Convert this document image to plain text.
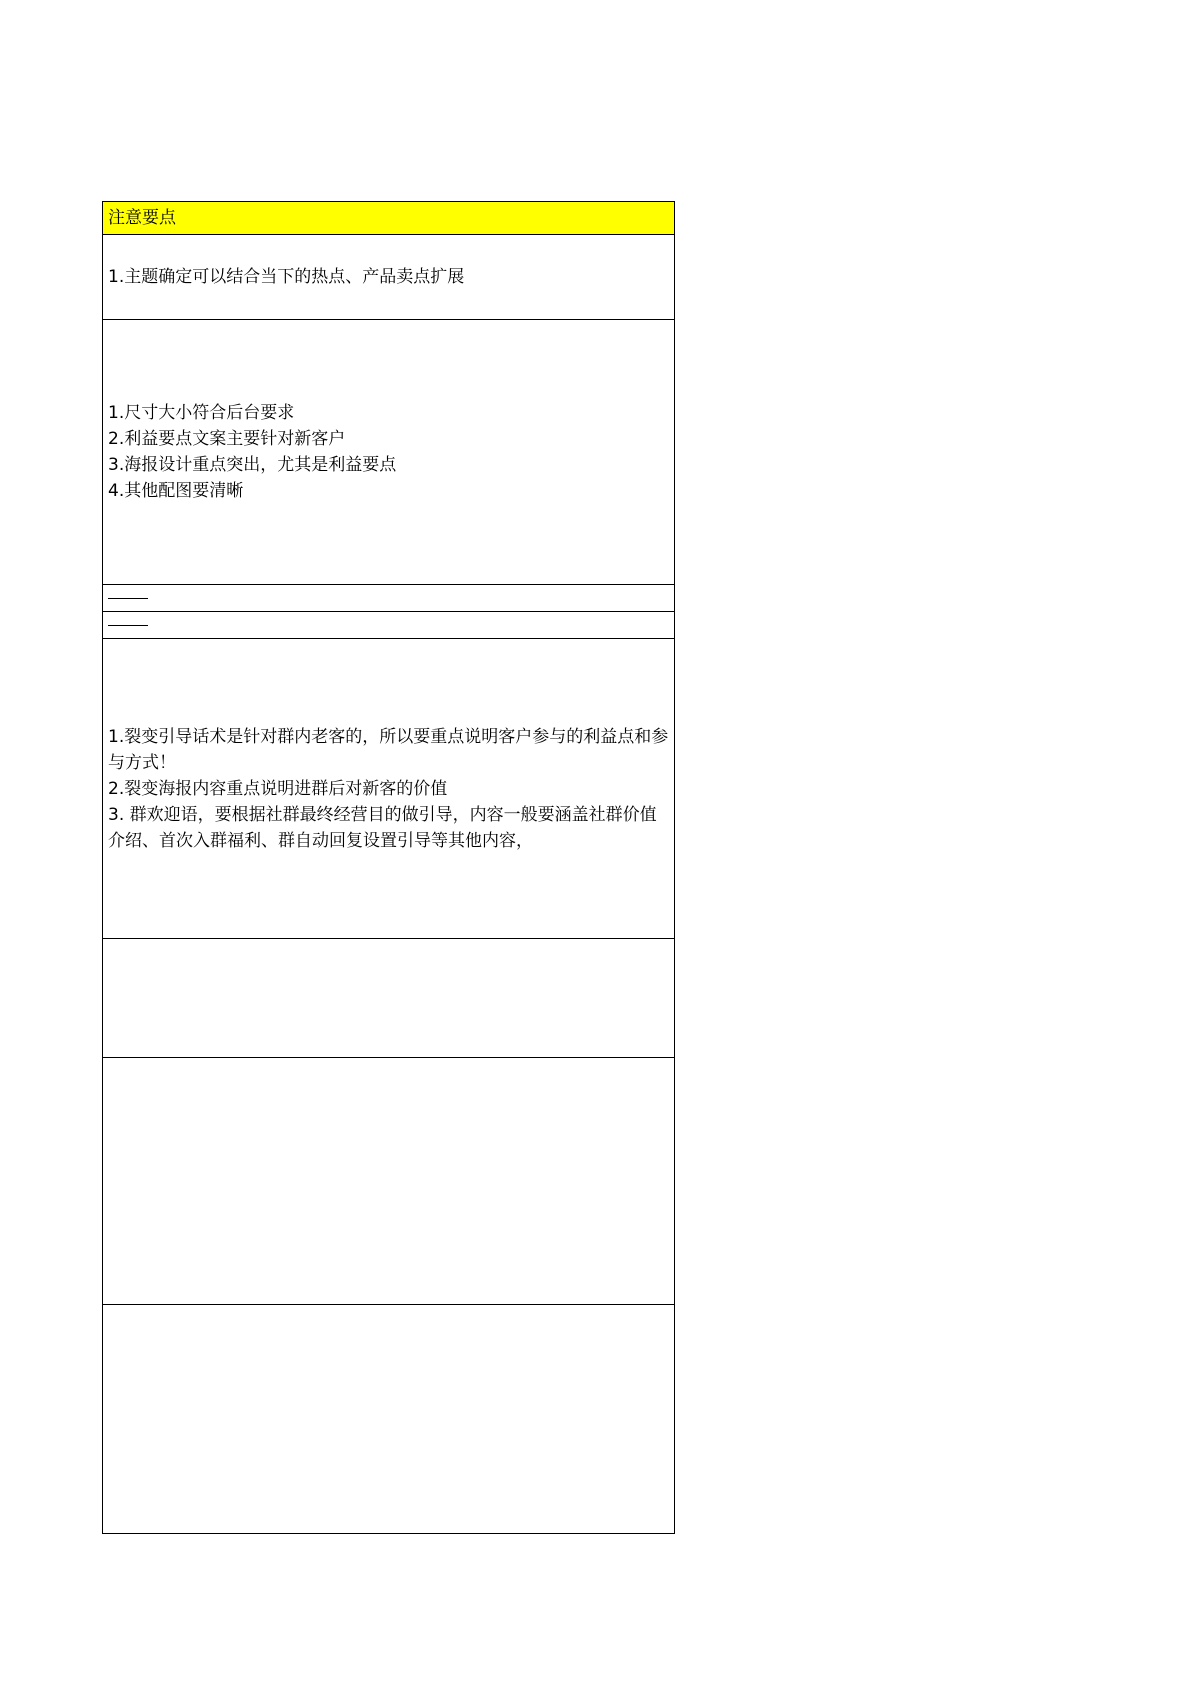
注意要点

1.主题确定可以结合当下的热点、产品卖点扩展

1.尺寸大小符合后台要求
2.利益要点文案主要针对新客户
3.海报设计重点突出，尤其是利益要点
4.其他配图要清晰

1.裂变引导话术是针对群内老客的，所以要重点说明客户参与的利益点和参与方式！
2.裂变海报内容重点说明进群后对新客的价值
3. 群欢迎语，要根据社群最终经营目的做引导，内容一般要涵盖社群价值介绍、首次入群福利、群自动回复设置引导等其他内容，
